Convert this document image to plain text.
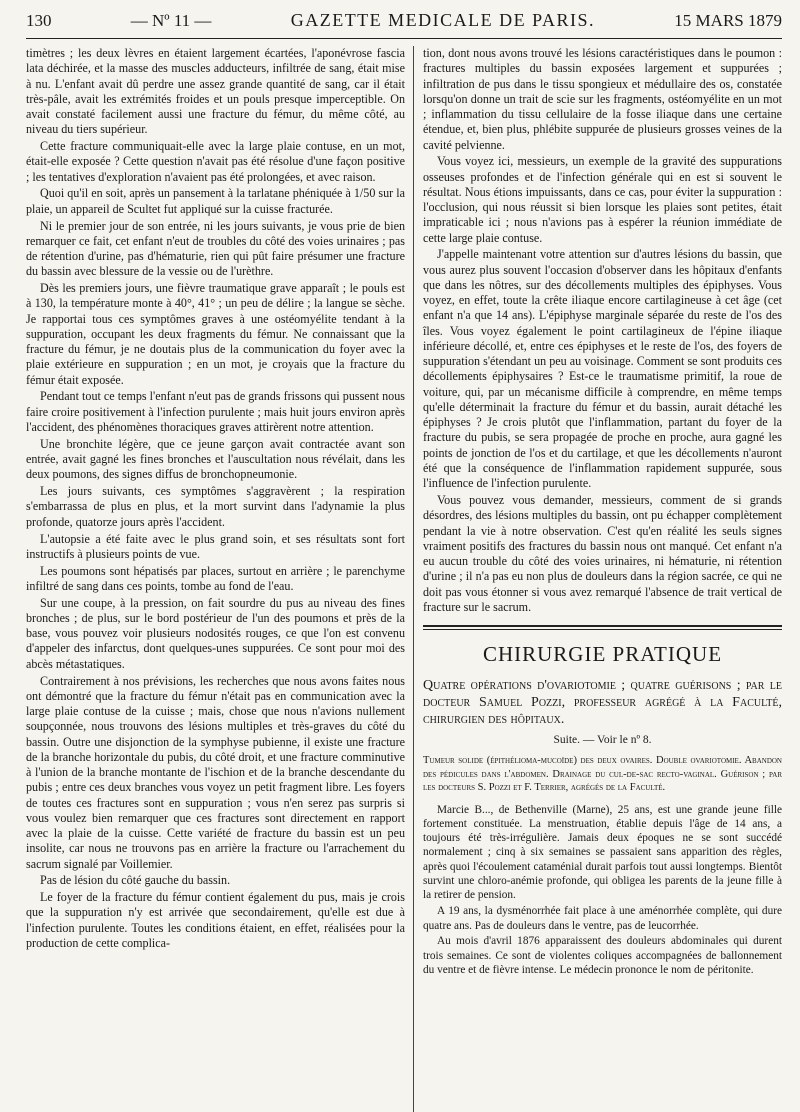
130	— Nº 11 —	GAZETTE MEDICALE DE PARIS.	15 MARS 1879

timètres ; les deux lèvres en étaient largement écartées, l'aponévrose fascia lata déchirée, et la masse des muscles adducteurs, infiltrée de sang, était mise à nu. L'enfant avait dû perdre une assez grande quantité de sang, car il était très-pâle, avait les extrémités froides et un pouls presque imperceptible. On avait constaté facilement aussi une fracture du fémur, du même côté, au niveau du tiers supérieur.

Cette fracture communiquait-elle avec la large plaie contuse, en un mot, était-elle exposée ? Cette question n'avait pas été résolue d'une façon positive ; les tentatives d'exploration n'avaient pas été prolongées, et avec raison.

Quoi qu'il en soit, après un pansement à la tarlatane phéniquée à 1/50 sur la plaie, un appareil de Scultet fut appliqué sur la cuisse fracturée.

Ni le premier jour de son entrée, ni les jours suivants, je vous prie de bien remarquer ce fait, cet enfant n'eut de troubles du côté des voies urinaires ; pas de rétention d'urine, pas d'hématurie, rien qui pût faire présumer une fracture du bassin avec blessure de la vessie ou de l'urèthre.

Dès les premiers jours, une fièvre traumatique grave apparaît ; le pouls est à 130, la température monte à 40°, 41° ; un peu de délire ; la langue se sèche. Je rapportai tous ces symptômes graves à une ostéomyélite tendant à la suppuration, occupant les deux fragments du fémur. Ne connaissant que la fracture du fémur, je ne doutais plus de la communication du foyer avec la plaie extérieure en suppuration ; en un mot, je croyais que la fracture du fémur était exposée.

Pendant tout ce temps l'enfant n'eut pas de grands frissons qui pussent nous faire croire positivement à l'infection purulente ; mais huit jours environ après l'accident, des phénomènes thoraciques graves attirèrent notre attention.

Une bronchite légère, que ce jeune garçon avait contractée avant son entrée, avait gagné les fines bronches et l'auscultation nous révélait, dans les deux poumons, des signes diffus de bronchopneumonie.

Les jours suivants, ces symptômes s'aggravèrent ; la respiration s'embarrassa de plus en plus, et la mort survint dans l'adynamie la plus profonde, quatorze jours après l'accident.

L'autopsie a été faite avec le plus grand soin, et ses résultats sont fort instructifs à plusieurs points de vue.

Les poumons sont hépatisés par places, surtout en arrière ; le parenchyme infiltré de sang dans ces points, tombe au fond de l'eau.

Sur une coupe, à la pression, on fait sourdre du pus au niveau des fines bronches ; de plus, sur le bord postérieur de l'un des poumons et près de la base, vous pouvez voir plusieurs nodosités rouges, ce que l'on est convenu d'appeler des infarctus, dont quelques-unes suppurées. Ce sont pour moi des abcès métastatiques.

Contrairement à nos prévisions, les recherches que nous avons faites nous ont démontré que la fracture du fémur n'était pas en communication avec la large plaie contuse de la cuisse ; mais, chose que nous n'avions nullement soupçonnée, nous trouvons des lésions multiples et très-graves du côté du bassin. Outre une disjonction de la symphyse pubienne, il existe une fracture de la branche horizontale du pubis, du côté droit, et une fracture comminutive à l'union de la branche montante de l'ischion et de la branche descendante du pubis ; entre ces deux branches vous voyez un petit fragment libre. Les foyers de toutes ces fractures sont en suppuration ; vous n'en serez pas surpris si vous voulez bien remarquer que ces fractures sont directement en rapport avec la plaie de la cuisse. Cette variété de fracture du bassin est un peu insolite, car nous ne trouvons pas en arrière la fracture ou l'arrachement du sacrum signalé par Voillemier.

Pas de lésion du côté gauche du bassin.

Le foyer de la fracture du fémur contient également du pus, mais je crois que la suppuration n'y est arrivée que secondairement, qu'elle est due à l'infection purulente. Toutes les conditions étaient, en effet, réalisées pour la production de cette complica-

tion, dont nous avons trouvé les lésions caractéristiques dans le poumon : fractures multiples du bassin exposées largement et suppurées ; infiltration de pus dans le tissu spongieux et médullaire des os, constatée lorsqu'on donne un trait de scie sur les fragments, ostéomyélite en un mot ; inflammation du tissu cellulaire de la fosse iliaque dans une certaine étendue, et, bien plus, phlébite suppurée de plusieurs grosses veines de la cavité pelvienne.

Vous voyez ici, messieurs, un exemple de la gravité des suppurations osseuses profondes et de l'infection générale qui en est si souvent le résultat. Nous étions impuissants, dans ce cas, pour éviter la suppuration : l'occlusion, qui nous réussit si bien lorsque les plaies sont petites, était impraticable ici ; nous n'avions pas à espérer la réunion immédiate de cette large plaie contuse.

J'appelle maintenant votre attention sur d'autres lésions du bassin, que vous aurez plus souvent l'occasion d'observer dans les hôpitaux d'enfants que dans les nôtres, sur des décollements multiples des épiphyses. Vous voyez, en effet, toute la crête iliaque encore cartilagineuse à cet âge (cet enfant n'a que 14 ans). L'épiphyse marginale séparée du reste de l'os des îles. Vous voyez également le point cartilagineux de l'épine iliaque inférieure décollé, et, entre ces épiphyses et le reste de l'os, des foyers de suppuration s'étendant un peu au voisinage. Comment se sont produits ces décollements épiphysaires ? Est-ce le traumatisme primitif, la roue de voiture, qui, par un mécanisme difficile à comprendre, en même temps qu'elle déterminait la fracture du fémur et du bassin, aurait détaché les épiphyses ? Je crois plutôt que l'inflammation, partant du foyer de la fracture du pubis, se sera propagée de proche en proche, aura gagné les points de jonction de l'os et du cartilage, et que les décollements n'auront été que la conséquence de l'inflammation rapidement suppurée, sous l'influence de l'infection purulente.

Vous pouvez vous demander, messieurs, comment de si grands désordres, des lésions multiples du bassin, ont pu échapper complètement pendant la vie à notre observation. C'est qu'en réalité les seuls signes vraiment positifs des fractures du bassin nous ont manqué. Cet enfant n'a eu aucun trouble du côté des voies urinaires, ni hématurie, ni rétention d'urine ; il n'a pas eu non plus de douleurs dans la région sacrée, ce qui ne doit pas vous étonner si vous avez remarqué l'absence de trait vertical de fracture sur le sacrum.

CHIRURGIE PRATIQUE
Quatre opérations d'ovariotomie ; quatre guérisons ; par le docteur Samuel Pozzi, professeur agrégé à la Faculté, chirurgien des hôpitaux.
Suite. — Voir le nº 8.
Tumeur solide (épithélioma-mucoïde) des deux ovaires. Double ovariotomie. Abandon des pédicules dans l'abdomen. Drainage du cul-de-sac recto-vaginal. Guérison ; par les docteurs S. Pozzi et F. Terrier, agrégés de la Faculté.

Marcie B..., de Bethenville (Marne), 25 ans, est une grande jeune fille fortement constituée. La menstruation, établie depuis l'âge de 14 ans, a toujours été très-irrégulière. Jamais deux époques ne se sont succédé normalement ; cinq à six semaines se passaient sans apparition des règles, après quoi l'écoulement cataménial durait parfois tout aussi longtemps. Bientôt survint une chloro-anémie profonde, qui obligea les parents de la jeune fille à la retirer de pension.

A 19 ans, la dysménorrhée fait place à une aménorrhée complète, qui dure quatre ans. Pas de douleurs dans le ventre, pas de leucorrhée.

Au mois d'avril 1876 apparaissent des douleurs abdominales qui durent trois semaines. Ce sont de violentes coliques accompagnées de ballonnement du ventre et de fièvre intense. Le médecin prononce le nom de péritonite.
